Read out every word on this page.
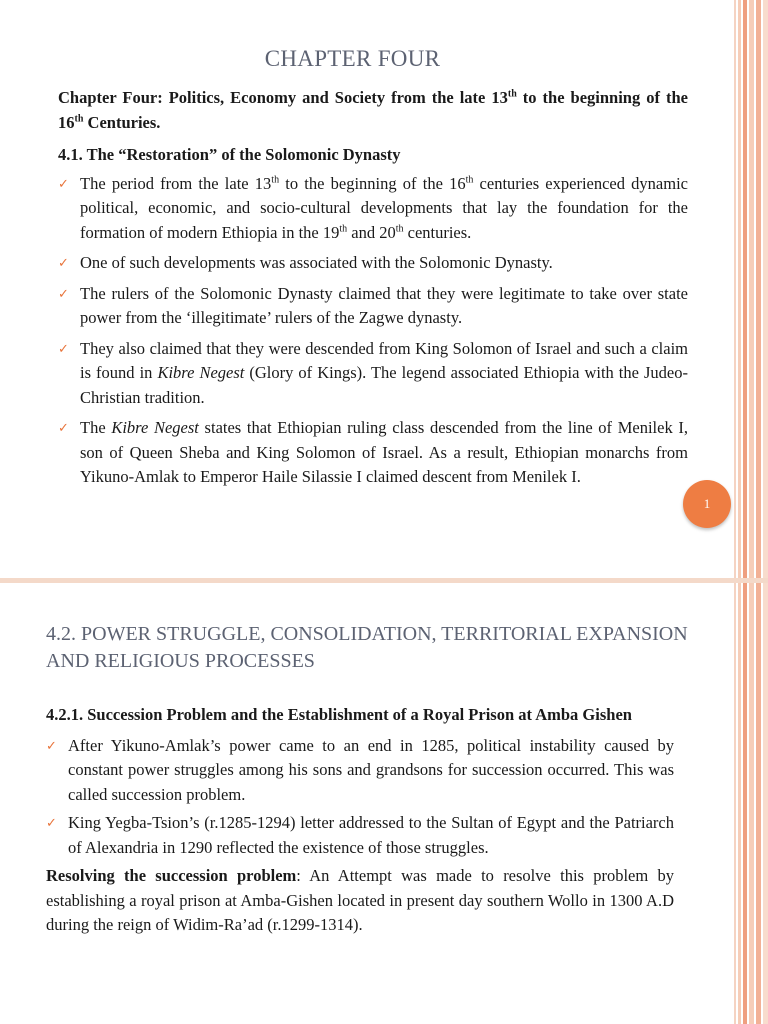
CHAPTER FOUR
Chapter Four: Politics, Economy and Society from the late 13th to the beginning of the 16th Centuries.
4.1. The “Restoration” of the Solomonic Dynasty
✓ The period from the late 13th to the beginning of the 16th centuries experienced dynamic political, economic, and socio-cultural developments that lay the foundation for the formation of modern Ethiopia in the 19th and 20th centuries.
✓ One of such developments was associated with the Solomonic Dynasty.
✓ The rulers of the Solomonic Dynasty claimed that they were legitimate to take over state power from the ‘illegitimate’ rulers of the Zagwe dynasty.
✓ They also claimed that they were descended from King Solomon of Israel and such a claim is found in Kibre Negest (Glory of Kings). The legend associated Ethiopia with the Judeo-Christian tradition.
✓ The Kibre Negest states that Ethiopian ruling class descended from the line of Menilek I, son of Queen Sheba and King Solomon of Israel. As a result, Ethiopian monarchs from Yikuno-Amlak to Emperor Haile Silassie I claimed descent from Menilek I.
1
4.2. POWER STRUGGLE, CONSOLIDATION, TERRITORIAL EXPANSION AND RELIGIOUS PROCESSES
4.2.1. Succession Problem and the Establishment of a Royal Prison at Amba Gishen
✓ After Yikuno-Amlak’s power came to an end in 1285, political instability caused by constant power struggles among his sons and grandsons for succession occurred. This was called succession problem.
✓ King Yegba-Tsion’s (r.1285-1294) letter addressed to the Sultan of Egypt and the Patriarch of Alexandria in 1290 reflected the existence of those struggles.
Resolving the succession problem: An Attempt was made to resolve this problem by establishing a royal prison at Amba-Gishen located in present day southern Wollo in 1300 A.D during the reign of Widim-Ra’ad (r.1299-1314).
